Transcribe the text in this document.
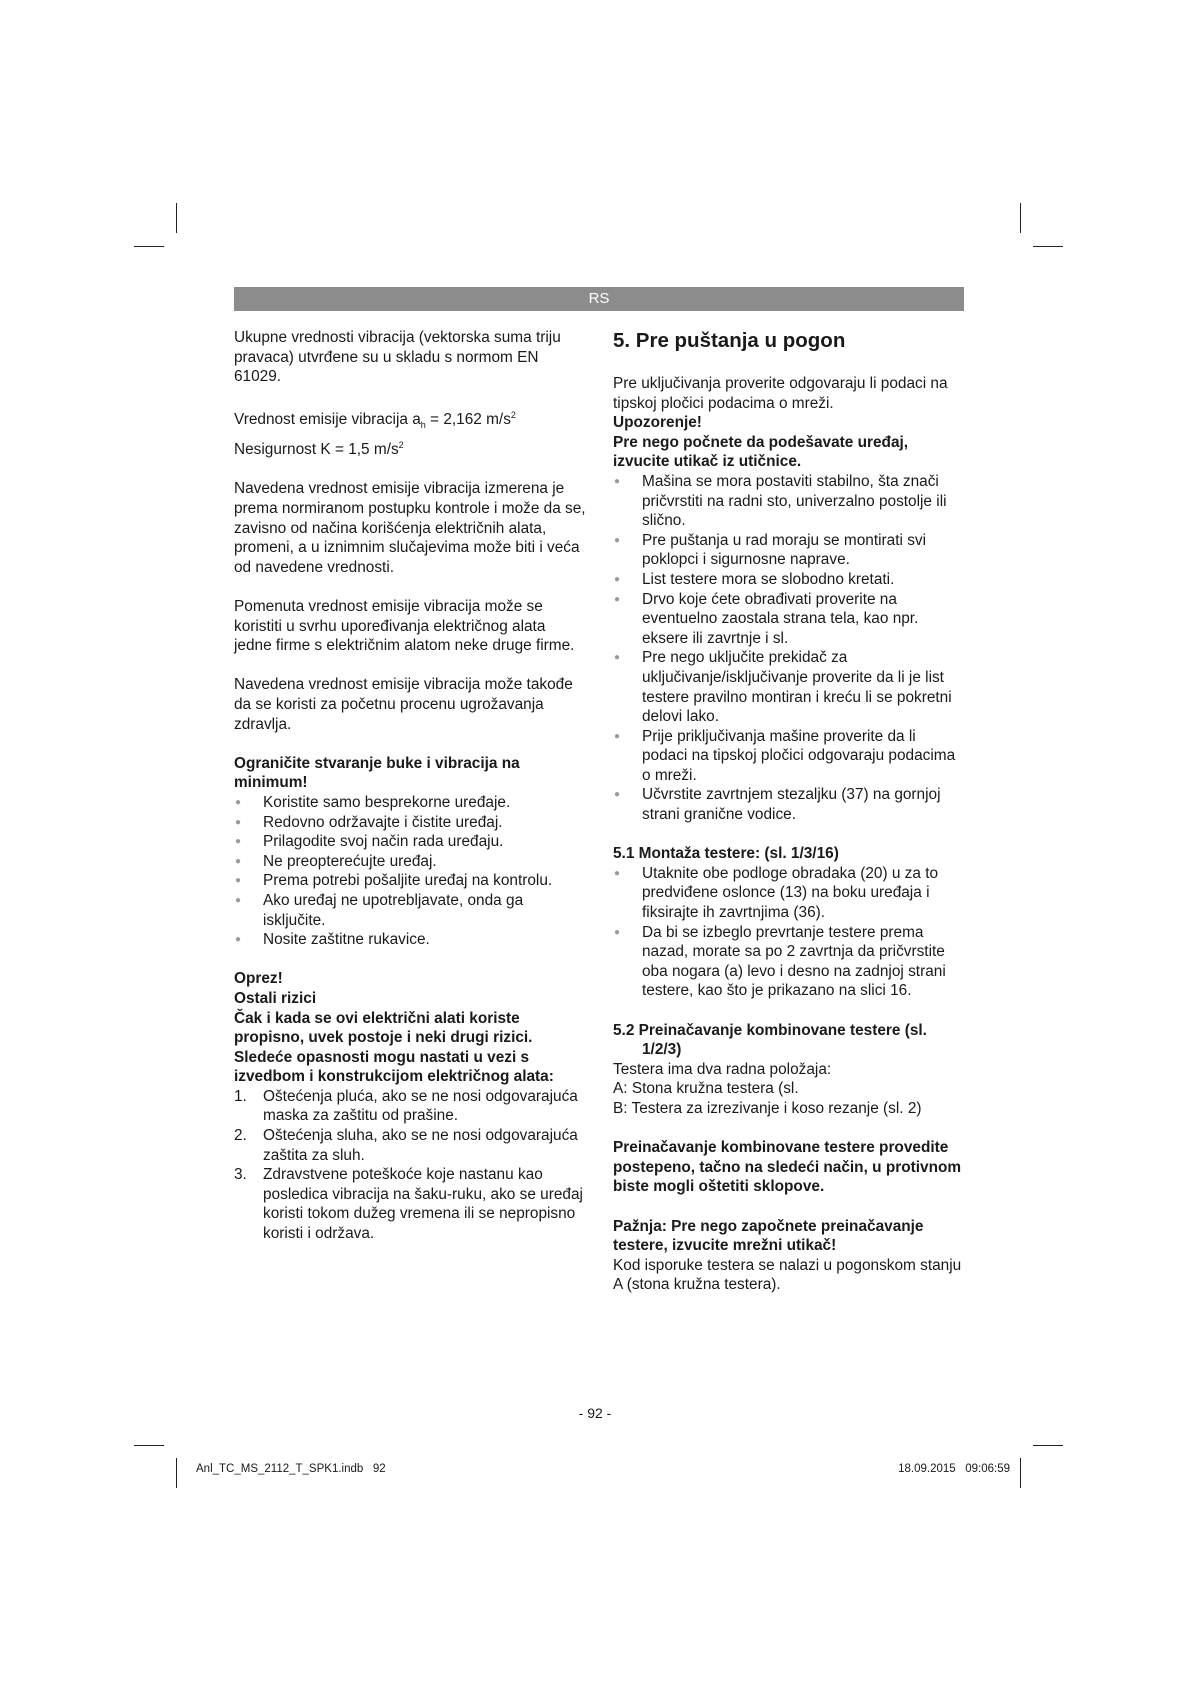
RS

Ukupne vrednosti vibracija (vektorska suma triju pravaca) utvrđene su u skladu s normom EN 61029.

Vrednost emisije vibracija $a_h = 2,162$ $m/s^2$

Nesigurnost K = 1,5 $m/s^2$

Navedena vrednost emisije vibracija izmerena je prema normiranom postupku kontrole i može da se, zavisno od načina korišćenja električnih alata, promeni, a u iznimnim slučajevima može biti i veća od navedene vrednosti.

Pomenuta vrednost emisije vibracija može se koristiti u svrhu upoređivanja električnog alata jedne firme s električnim alatom neke druge firme.

Navedena vrednost emisije vibracija može takođe da se koristi za početnu procenu ugrožavanja zdravlja.

Ograničite stvaranje buke i vibracija na minimum!

● Koristite samo besprekorne uređaje.
● Redovno održavajte i čistite uređaj.
● Prilagodite svoj način rada uređaju.
● Ne preopterećujte uređaj.
● Prema potrebi pošaljite uređaj na kontrolu.
● Ako uređaj ne upotrebljavate, onda ga isključite.
● Nosite zaštitne rukavice.

Oprez!

Ostali rizici

Čak i kada se ovi električni alati koriste propisno, uvek postoje i neki drugi rizici. Sledeće opasnosti mogu nastati u vezi s izvedbom i konstrukcijom električnog alata:

1. Oštećenja pluća, ako se ne nosi odgovarajuća maska za zaštitu od prašine.
2. Oštećenja sluha, ako se ne nosi odgovarajuća zaštita za sluh.
3. Zdravstvene poteškoće koje nastanu kao posledica vibracija na šaku-ruku, ako se uređaj koristi tokom dužeg vremena ili se nepropisno koristi i održava.
5. Pre puštanja u pogon

Pre uključivanja proverite odgovaraju li podaci na tipskoj pločici podacima o mreži.

Upozorenje!

Pre nego počnete da podešavate uređaj, izvucite utikač iz utičnice.

● Mašina se mora postaviti stabilno, šta znači pričvrstiti na radni sto, univerzalno postolje ili slično.
● Pre puštanja u rad moraju se montirati svi poklopci i sigurnosne naprave.
● List testere mora se slobodno kretati.
● Drvo koje ćete obrađivati proverite na eventuelno zaostala strana tela, kao npr. eksere ili zavrtnje i sl.
● Pre nego uključite prekidač za uključivanje/isključivanje proverite da li je list testere pravilno montiran i kreću li se pokretni delovi lako.
● Prije priključivanja mašine proverite da li podaci na tipskoj pločici odgovaraju podacima o mreži.
● Učvrstite zavrtnjem stezaljku (37) na gornjoj strani granične vodice.

5.1 Montaža testere: (sl. 1/3/16)

● Utaknite obe podloge obradaka (20) u za to predviđene oslonce (13) na boku uređaja i fiksirajte ih zavrtnjima (36).
● Da bi se izbeglo prevrtanje testere prema nazad, morate sa po 2 zavrtnja da pričvrstite oba nogara (a) levo i desno na zadnjoj strani testere, kao što je prikazano na slici 16.

5.2 Preinačavanje kombinovane testere (sl. 1/2/3)

Testera ima dva radna položaja:

A: Stona kružna testera (sl.

B: Testera za izrezivanje i koso rezanje (sl. 2)

Preinačavanje kombinovane testere provedite postepeno, tačno na sledeći način, u protivnom biste mogli oštetiti sklopove.

Pažnja: Pre nego započnete preinačavanje testere, izvucite mrežni utikač!

Kod isporuke testera se nalazi u pogonskom stanju A (stona kružna testera).

- 92 -
Anl_TC_MS_2112_T_SPK1.indb   92	18.09.2015   09:06:59
